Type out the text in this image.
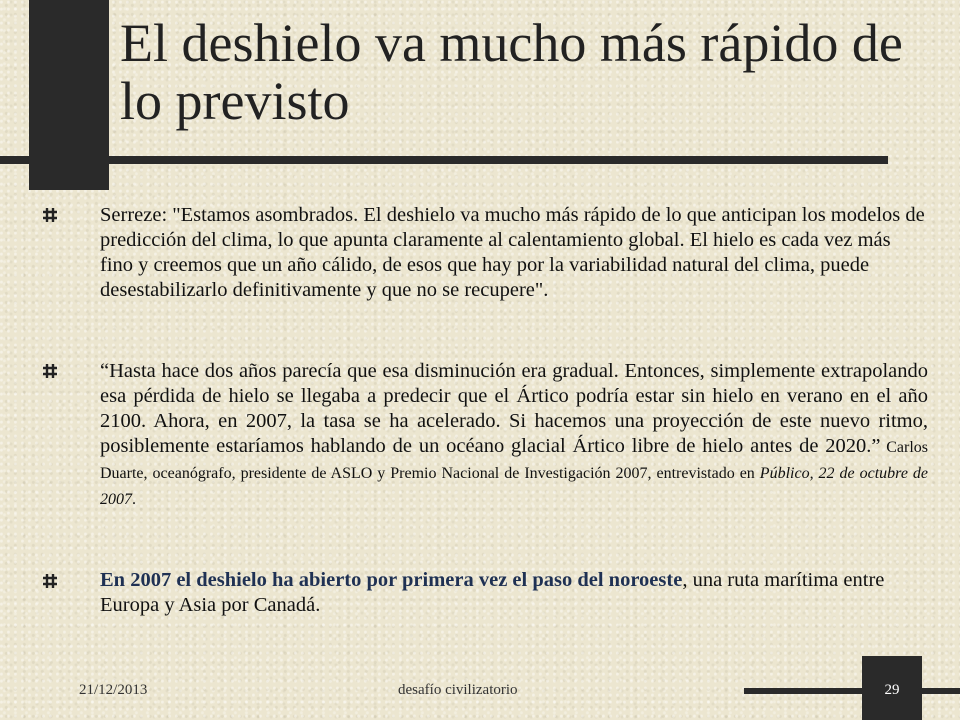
El deshielo va mucho más rápido de lo previsto

Serreze: "Estamos asombrados. El deshielo va mucho más rápido de lo que anticipan los modelos de predicción del clima, lo que apunta claramente al calentamiento global. El hielo es cada vez más fino y creemos que un año cálido, de esos que hay por la variabilidad natural del clima, puede desestabilizarlo definitivamente y que no se recupere".

“Hasta hace dos años parecía que esa disminución era gradual. Entonces, simplemente extrapolando esa pérdida de hielo se llegaba a predecir que el Ártico podría estar sin hielo en verano en el año 2100. Ahora, en 2007, la tasa se ha acelerado. Si hacemos una proyección de este nuevo ritmo, posiblemente estaríamos hablando de un océano glacial Ártico libre de hielo antes de 2020.” Carlos Duarte, oceanógrafo, presidente de ASLO y Premio Nacional de Investigación 2007, entrevistado en Público, 22 de octubre de 2007.

En 2007 el deshielo ha abierto por primera vez el paso del noroeste, una ruta marítima entre Europa y Asia por Canadá.

29
21/12/2013	desafío civilizatorio
